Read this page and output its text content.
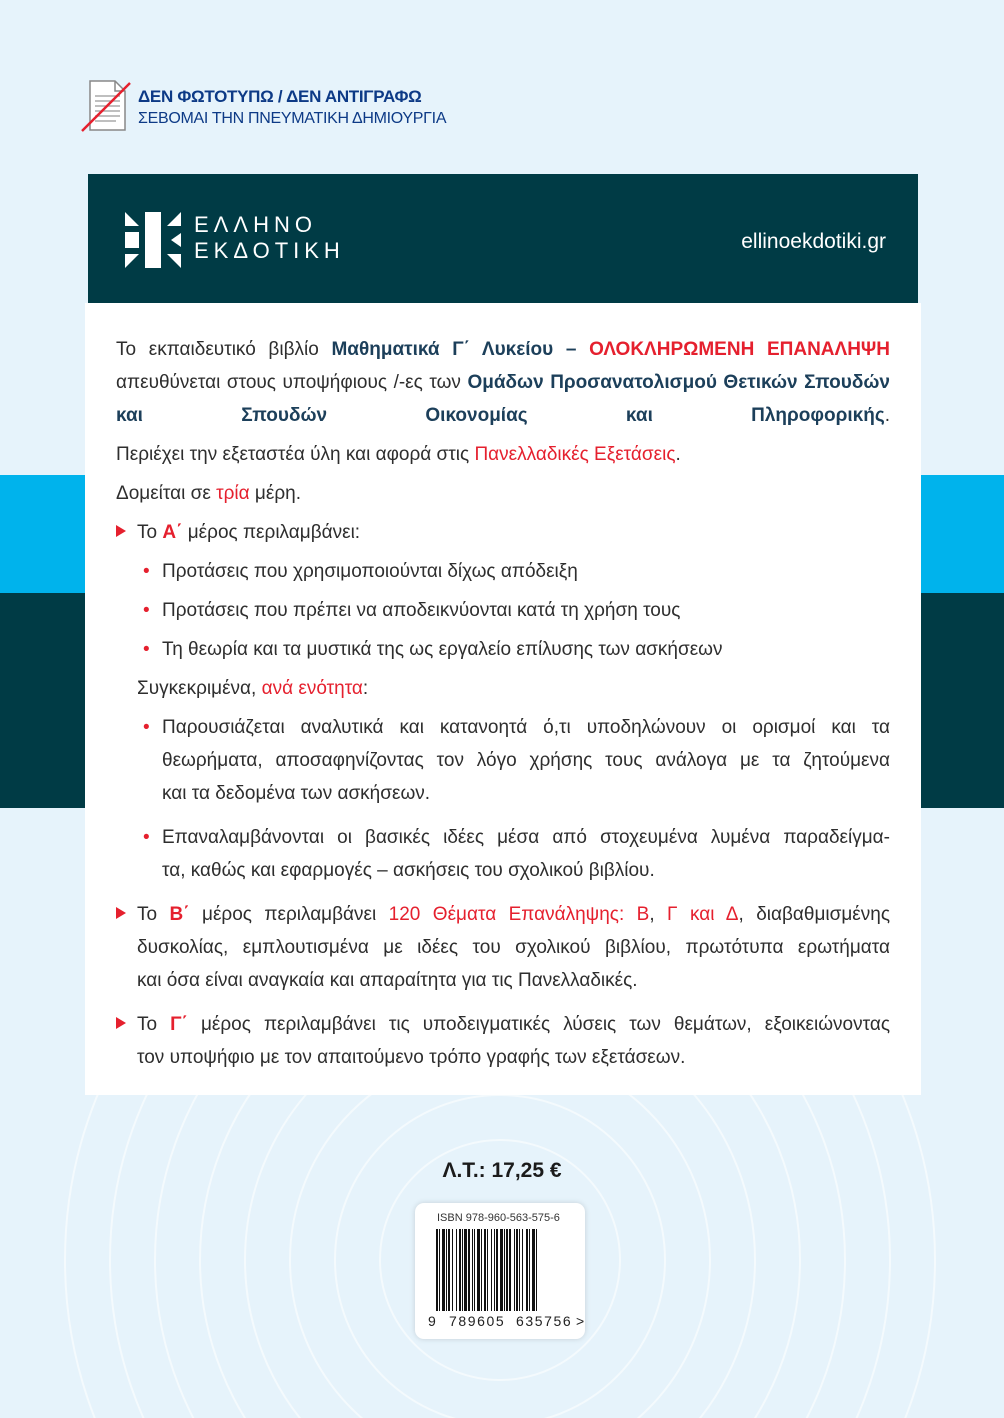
ΔΕΝ ΦΩΤΟΤΥΠΩ / ΔΕΝ ΑΝΤΙΓΡΑΦΩ
ΣΕΒΟΜΑΙ ΤΗΝ ΠΝΕΥΜΑΤΙΚΗ ΔΗΜΙΟΥΡΓΙΑ
ΕΛΛΗΝΟ
ΕΚΔΟΤΙΚΗ	ellinoekdotiki.gr

Το εκπαιδευτικό βιβλίο Μαθηματικά Γ΄ Λυκείου – ΟΛΟΚΛΗΡΩΜΕΝΗ ΕΠΑΝΑΛΗΨΗ απευθύνεται στους υποψήφιους /-ες των Ομάδων Προσανατολισμού Θετικών Σπουδών και Σπουδών Οικονομίας και Πληροφορικής.

Περιέχει την εξεταστέα ύλη και αφορά στις Πανελλαδικές Εξετάσεις.

Δομείται σε τρία μέρη.

Το Α΄ μέρος περιλαμβάνει:
• Προτάσεις που χρησιμοποιούνται δίχως απόδειξη
• Προτάσεις που πρέπει να αποδεικνύονται κατά τη χρήση τους
• Τη θεωρία και τα μυστικά της ως εργαλείο επίλυσης των ασκήσεων

Συγκεκριμένα, ανά ενότητα:

• Παρουσιάζεται αναλυτικά και κατανοητά ό,τι υποδηλώνουν οι ορισμοί και τα θεωρήματα, αποσαφηνίζοντας τον λόγο χρήσης τους ανάλογα με τα ζητούμενα
και τα δεδομένα των ασκήσεων.
• Επαναλαμβάνονται οι βασικές ιδέες μέσα από στοχευμένα λυμένα παραδείγμα-
τα, καθώς και εφαρμογές – ασκήσεις του σχολικού βιβλίου.
Το Β΄ μέρος περιλαμβάνει 120 Θέματα Επανάληψης: Β, Γ και Δ, διαβαθμισμένης δυσκολίας, εμπλουτισμένα με ιδέες του σχολικού βιβλίου, πρωτότυπα ερωτήματα
και όσα είναι αναγκαία και απαραίτητα για τις Πανελλαδικές.
Το Γ΄ μέρος περιλαμβάνει τις υποδειγματικές λύσεις των θεμάτων, εξοικειώνοντας
τον υποψήφιο με τον απαιτούμενο τρόπο γραφής των εξετάσεων.
Λ.Τ.: 17,25 €
ISBN 978-960-563-575-6
9 789605 635756 >
